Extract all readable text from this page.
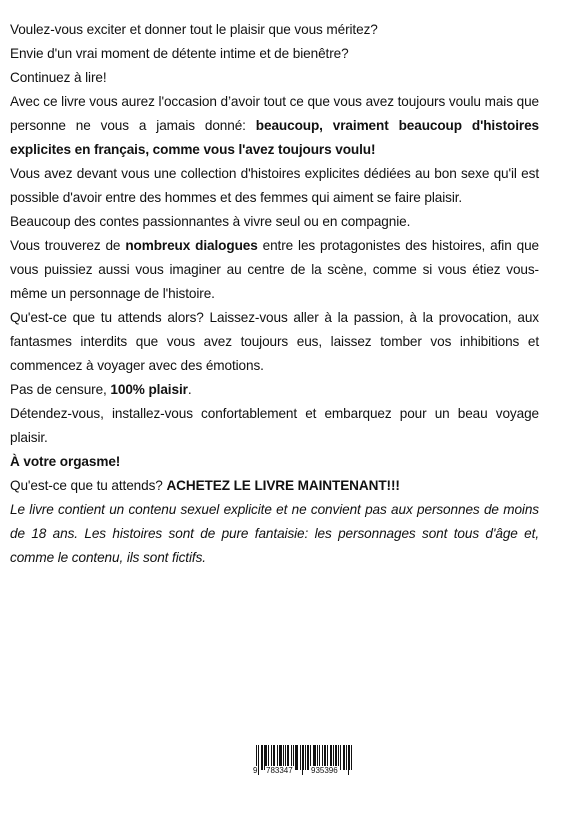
Voulez-vous exciter et donner tout le plaisir que vous méritez?

Envie d'un vrai moment de détente intime et de bienêtre?

Continuez à lire!

Avec ce livre vous aurez l'occasion d’avoir tout ce que vous avez toujours voulu mais que personne ne vous a jamais donné: beaucoup, vraiment beaucoup d'histoires explicites en français, comme vous l'avez toujours voulu!

Vous avez devant vous une collection d'histoires explicites dédiées au bon sexe qu'il est possible d'avoir entre des hommes et des femmes qui aiment se faire plaisir.

Beaucoup des contes passionnantes à vivre seul ou en compagnie.

Vous trouverez de nombreux dialogues entre les protagonistes des histoires, afin que vous puissiez aussi vous imaginer au centre de la scène, comme si vous étiez vous-même un personnage de l'histoire.

Qu'est-ce que tu attends alors? Laissez-vous aller à la passion, à la provocation, aux fantasmes interdits que vous avez toujours eus, laissez tomber vos inhibitions et commencez à voyager avec des émotions.

Pas de censure, 100% plaisir.

Détendez-vous, installez-vous confortablement et embarquez pour un beau voyage plaisir.

À votre orgasme!

Qu'est-ce que tu attends? ACHETEZ LE LIVRE MAINTENANT!!!

Le livre contient un contenu sexuel explicite et ne convient pas aux personnes de moins de 18 ans. Les histoires sont de pure fantaisie: les personnages sont tous d'âge et, comme le contenu, ils sont fictifs.

9 783347 935396
